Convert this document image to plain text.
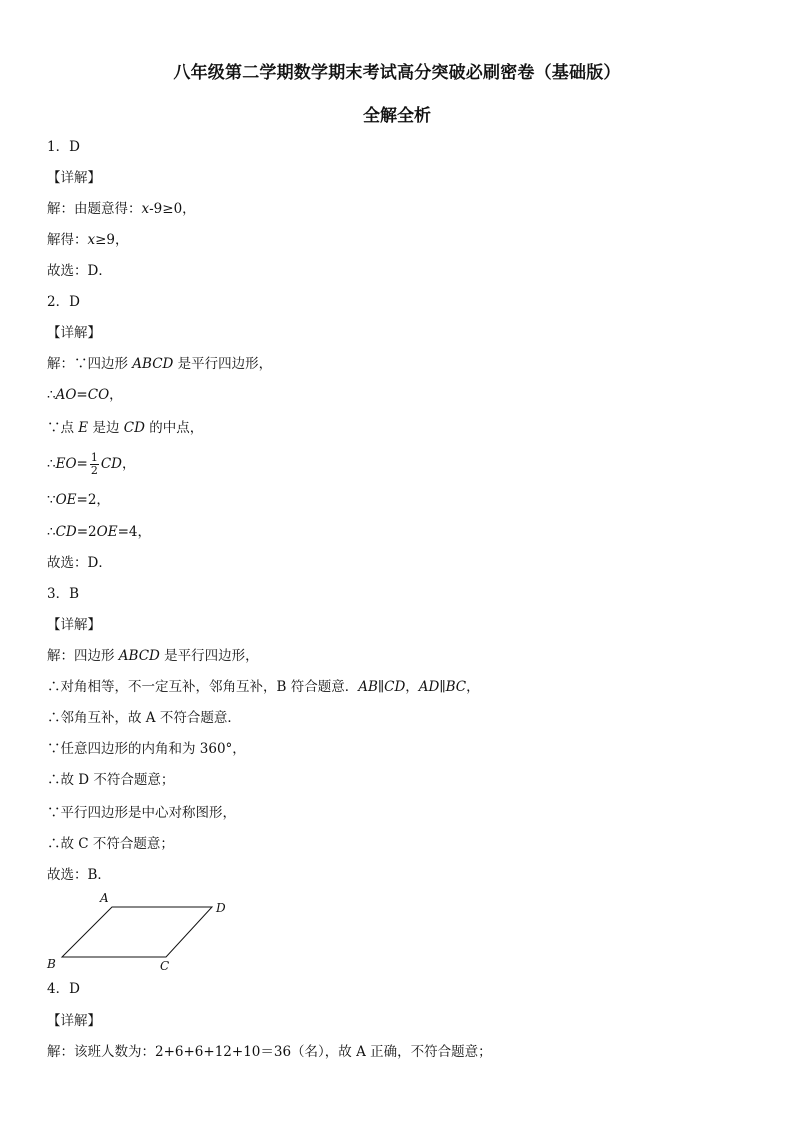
八年级第二学期数学期末考试高分突破必刷密卷（基础版）
全解全析
1．D
【详解】
解：由题意得：x-9≥0，
解得：x≥9，
故选：D．
2．D
【详解】
解：∵四边形 ABCD 是平行四边形，
∴AO=CO，
∵点 E 是边 CD 的中点，
∴EO= $\frac{1}{2}$ CD，
∵OE=2，
∴CD=2OE=4，
故选：D．
3．B
【详解】
解：四边形 ABCD 是平行四边形，
∴对角相等，不一定互补，邻角互补，B 符合题意．AB∥CD，AD∥BC，
∴邻角互补，故 A 不符合题意．
∵任意四边形的内角和为 360°，
∴故 D 不符合题意；
∵平行四边形是中心对称图形，
∴故 C 不符合题意；
故选：B．
A
D
B	C
4．D
【详解】
解：该班人数为：2+6+6+12+10＝36（名），故 A 正确，不符合题意；
